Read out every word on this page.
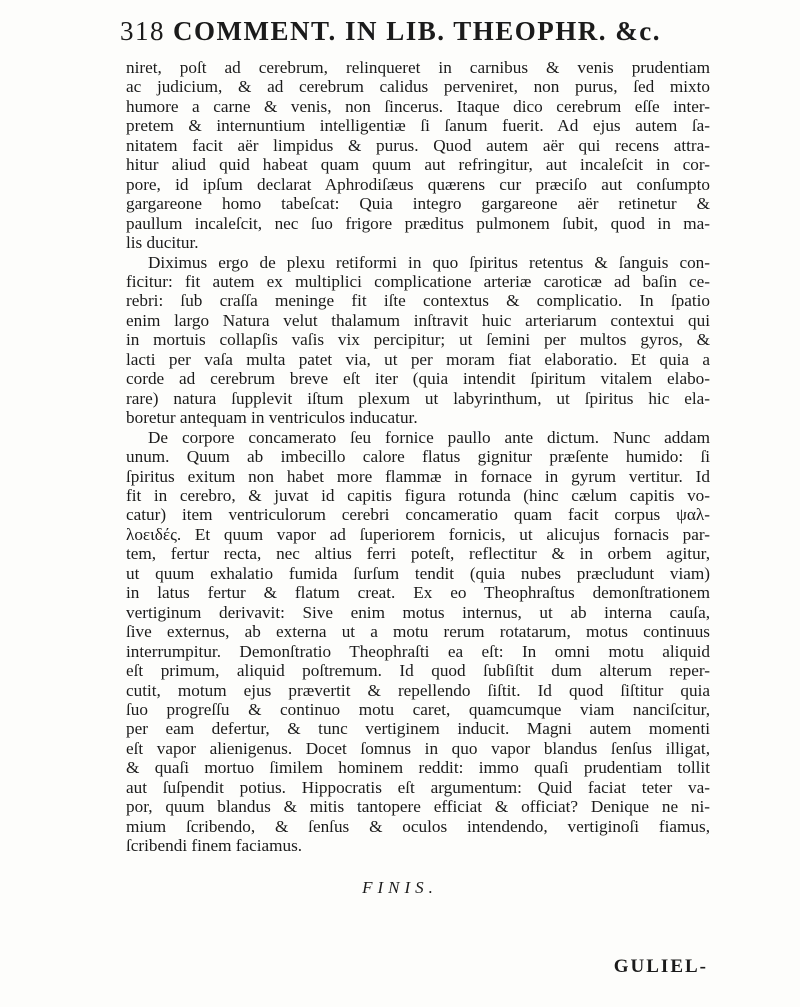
318 COMMENT. IN LIB. THEOPHR. &c.
niret, poſt ad cerebrum, relinqueret in carnibus & venis prudentiam
ac judicium, & ad cerebrum calidus perveniret, non purus, ſed mixto
humore a carne & venis, non ſincerus. Itaque dico cerebrum eſſe inter-
pretem & internuntium intelligentiæ ſi ſanum fuerit. Ad ejus autem ſa-
nitatem facit aër limpidus & purus. Quod autem aër qui recens attra-
hitur aliud quid habeat quam quum aut refringitur, aut incaleſcit in cor-
pore, id ipſum declarat Aphrodiſæus quærens cur præciſo aut conſumpto
gargareone homo tabeſcat: Quia integro gargareone aër retinetur &
paullum incaleſcit, nec ſuo frigore præditus pulmonem ſubit, quod in ma-
lis ducitur.
Diximus ergo de plexu retiformi in quo ſpiritus retentus & ſanguis con-
ficitur: fit autem ex multiplici complicatione arteriæ caroticæ ad baſin ce-
rebri: ſub craſſa meninge fit iſte contextus & complicatio. In ſpatio
enim largo Natura velut thalamum inſtravit huic arteriarum contextui qui
in mortuis collapſis vaſis vix percipitur; ut ſemini per multos gyros, &
lacti per vaſa multa patet via, ut per moram fiat elaboratio. Et quia a
corde ad cerebrum breve eſt iter (quia intendit ſpiritum vitalem elabo-
rare) natura ſupplevit iſtum plexum ut labyrinthum, ut ſpiritus hic ela-
boretur antequam in ventriculos inducatur.
De corpore concamerato ſeu fornice paullo ante dictum. Nunc addam
unum. Quum ab imbecillo calore flatus gignitur præſente humido: ſi
ſpiritus exitum non habet more flammæ in fornace in gyrum vertitur. Id
fit in cerebro, & juvat id capitis figura rotunda (hinc cælum capitis vo-
catur) item ventriculorum cerebri concameratio quam facit corpus ψαλ-
λοειδές. Et quum vapor ad ſuperiorem fornicis, ut alicujus fornacis par-
tem, fertur recta, nec altius ferri poteſt, reflectitur & in orbem agitur,
ut quum exhalatio fumida ſurſum tendit (quia nubes præcludunt viam)
in latus fertur & flatum creat. Ex eo Theophraſtus demonſtrationem
vertiginum derivavit: Sive enim motus internus, ut ab interna cauſa,
ſive externus, ab externa ut a motu rerum rotatarum, motus continuus
interrumpitur. Demonſtratio Theophraſti ea eſt: In omni motu aliquid
eſt primum, aliquid poſtremum. Id quod ſubſiſtit dum alterum reper-
cutit, motum ejus prævertit & repellendo ſiſtit. Id quod ſiſtitur quia
ſuo progreſſu & continuo motu caret, quamcumque viam nanciſcitur,
per eam defertur, & tunc vertiginem inducit. Magni autem momenti
eſt vapor alienigenus. Docet ſomnus in quo vapor blandus ſenſus illigat,
& quaſi mortuo ſimilem hominem reddit: immo quaſi prudentiam tollit
aut ſuſpendit potius. Hippocratis eſt argumentum: Quid faciat teter va-
por, quum blandus & mitis tantopere efficiat & officiat? Denique ne ni-
mium ſcribendo, & ſenſus & oculos intendendo, vertiginoſi fiamus,
ſcribendi finem faciamus.
FINIS.
GULIEL-
